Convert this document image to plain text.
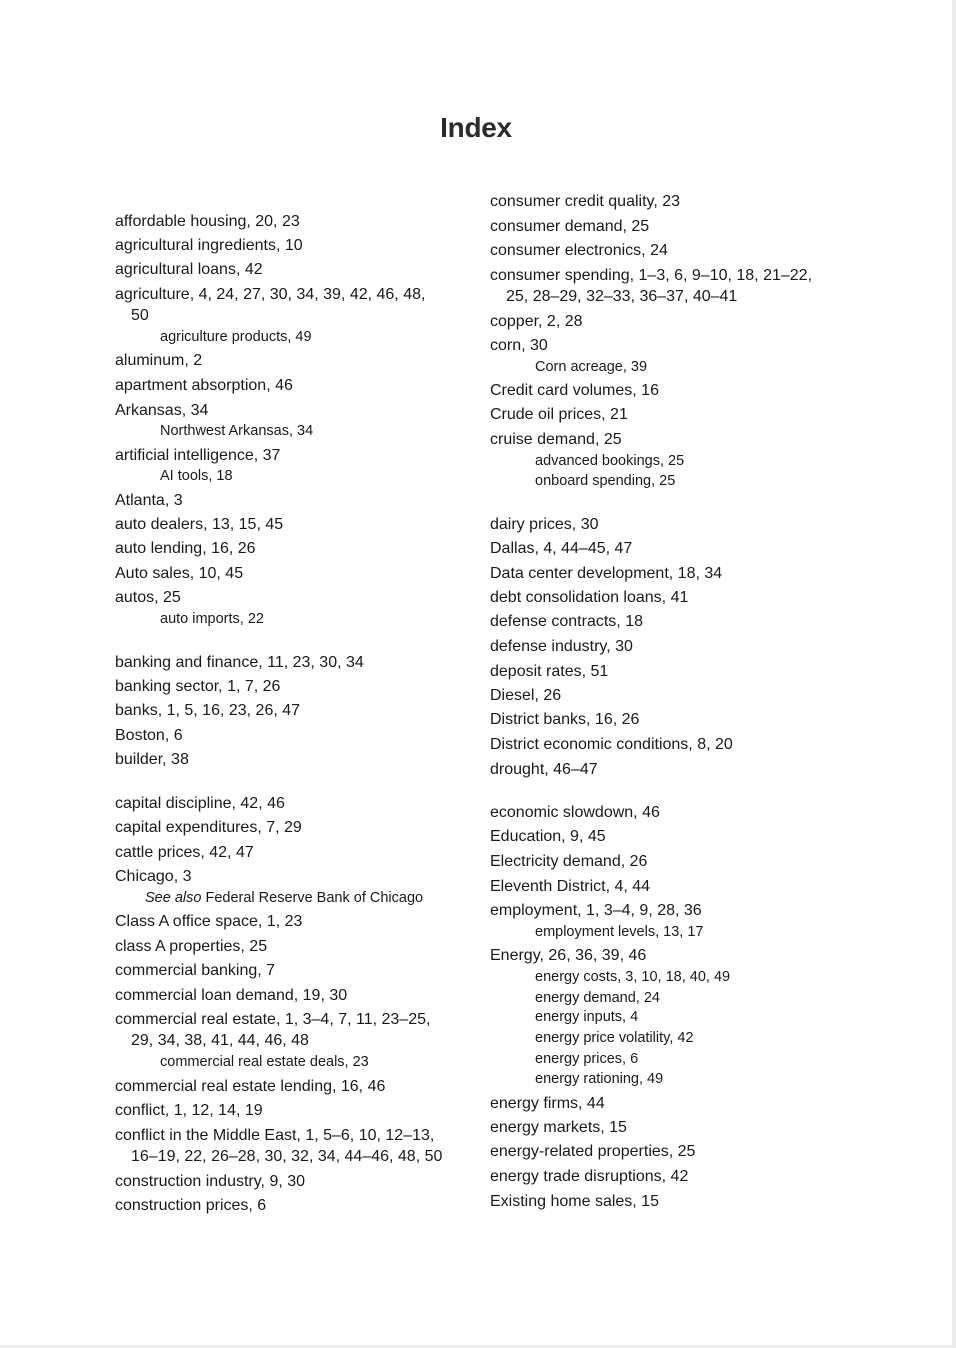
Index
affordable housing, 20, 23
agricultural ingredients, 10
agricultural loans, 42
agriculture, 4, 24, 27, 30, 34, 39, 42, 46, 48,
50
agriculture products, 49
aluminum, 2
apartment absorption, 46
Arkansas, 34
Northwest Arkansas, 34
artificial intelligence, 37
AI tools, 18
Atlanta, 3
auto dealers, 13, 15, 45
auto lending, 16, 26
Auto sales, 10, 45
autos, 25
auto imports, 22
banking and finance, 11, 23, 30, 34
banking sector, 1, 7, 26
banks, 1, 5, 16, 23, 26, 47
Boston, 6
builder, 38
capital discipline, 42, 46
capital expenditures, 7, 29
cattle prices, 42, 47
Chicago, 3
See also Federal Reserve Bank of Chicago
Class A office space, 1, 23
class A properties, 25
commercial banking, 7
commercial loan demand, 19, 30
commercial real estate, 1, 3–4, 7, 11, 23–25,
29, 34, 38, 41, 44, 46, 48
commercial real estate deals, 23
commercial real estate lending, 16, 46
conflict, 1, 12, 14, 19
conflict in the Middle East, 1, 5–6, 10, 12–13,
16–19, 22, 26–28, 30, 32, 34, 44–46, 48, 50
construction industry, 9, 30
construction prices, 6
consumer credit quality, 23
consumer demand, 25
consumer electronics, 24
consumer spending, 1–3, 6, 9–10, 18, 21–22,
25, 28–29, 32–33, 36–37, 40–41
copper, 2, 28
corn, 30
Corn acreage, 39
Credit card volumes, 16
Crude oil prices, 21
cruise demand, 25
advanced bookings, 25
onboard spending, 25
dairy prices, 30
Dallas, 4, 44–45, 47
Data center development, 18, 34
debt consolidation loans, 41
defense contracts, 18
defense industry, 30
deposit rates, 51
Diesel, 26
District banks, 16, 26
District economic conditions, 8, 20
drought, 46–47
economic slowdown, 46
Education, 9, 45
Electricity demand, 26
Eleventh District, 4, 44
employment, 1, 3–4, 9, 28, 36
employment levels, 13, 17
Energy, 26, 36, 39, 46
energy costs, 3, 10, 18, 40, 49
energy demand, 24
energy inputs, 4
energy price volatility, 42
energy prices, 6
energy rationing, 49
energy firms, 44
energy markets, 15
energy-related properties, 25
energy trade disruptions, 42
Existing home sales, 15
